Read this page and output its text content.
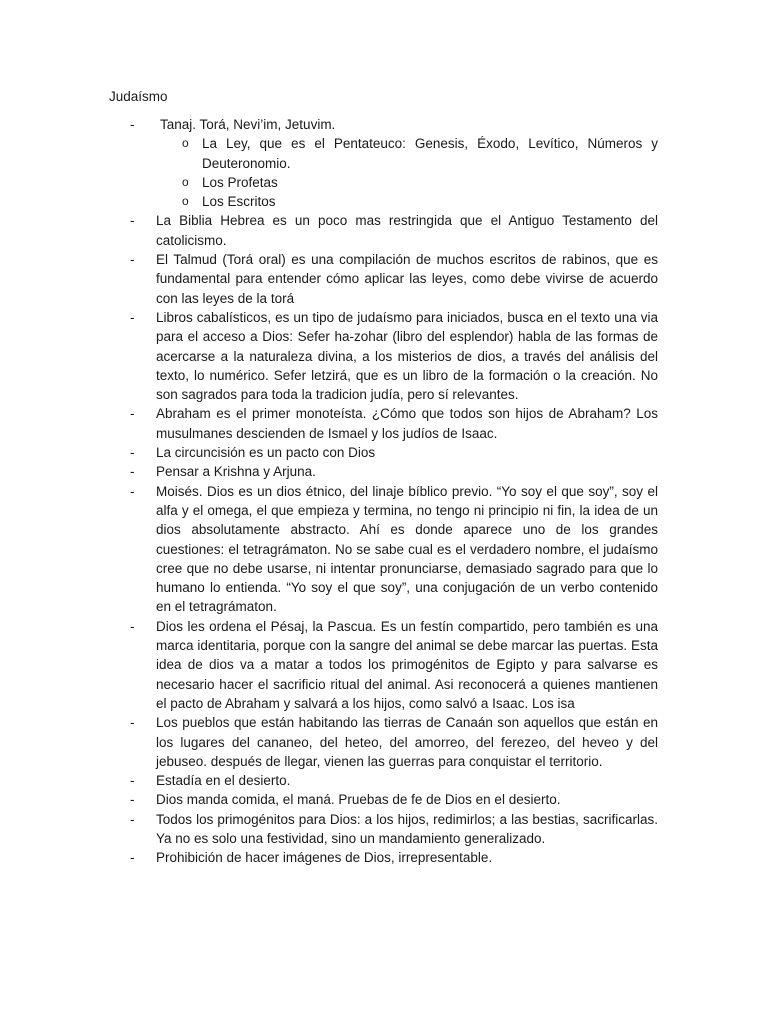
Judaísmo
-	Tanaj. Torá, Nevi’im, Jetuvim.
o La Ley, que es el Pentateuco: Genesis, Éxodo, Levítico, Números y Deuteronomio.
o Los Profetas
o Los Escritos
-	La Biblia Hebrea es un poco mas restringida que el Antiguo Testamento del catolicismo.
-	El Talmud (Torá oral) es una compilación de muchos escritos de rabinos, que es fundamental para entender cómo aplicar las leyes, como debe vivirse de acuerdo con las leyes de la torá
-	Libros cabalísticos, es un tipo de judaísmo para iniciados, busca en el texto una via para el acceso a Dios: Sefer ha-zohar (libro del esplendor) habla de las formas de acercarse a la naturaleza divina, a los misterios de dios, a través del análisis del texto, lo numérico. Sefer letzirá, que es un libro de la formación o la creación. No son sagrados para toda la tradicion judía, pero sí relevantes.
-	Abraham es el primer monoteísta. ¿Cómo que todos son hijos de Abraham? Los musulmanes descienden de Ismael y los judíos de Isaac.
-	La circuncisión es un pacto con Dios
-	Pensar a Krishna y Arjuna.
-	Moisés. Dios es un dios étnico, del linaje bíblico previo. “Yo soy el que soy”, soy el alfa y el omega, el que empieza y termina, no tengo ni principio ni fin, la idea de un dios absolutamente abstracto. Ahí es donde aparece uno de los grandes cuestiones: el tetragrámaton. No se sabe cual es el verdadero nombre, el judaísmo cree que no debe usarse, ni intentar pronunciarse, demasiado sagrado para que lo humano lo entienda. “Yo soy el que soy”, una conjugación de un verbo contenido en el tetragrámaton.
-	Dios les ordena el Pésaj, la Pascua. Es un festín compartido, pero también es una marca identitaria, porque con la sangre del animal se debe marcar las puertas. Esta idea de dios va a matar a todos los primogénitos de Egipto y para salvarse es necesario hacer el sacrificio ritual del animal. Asi reconocerá a quienes mantienen el pacto de Abraham y salvará a los hijos, como salvó a Isaac. Los isa
-	Los pueblos que están habitando las tierras de Canaán son aquellos que están en los lugares del cananeo, del heteo, del amorreo, del ferezeo, del heveo y del jebuseo. después de llegar, vienen las guerras para conquistar el territorio.
-	Estadía en el desierto.
-	Dios manda comida, el maná. Pruebas de fe de Dios en el desierto.
-	Todos los primogénitos para Dios: a los hijos, redimirlos; a las bestias, sacrificarlas. Ya no es solo una festividad, sino un mandamiento generalizado.
-	Prohibición de hacer imágenes de Dios, irrepresentable.
